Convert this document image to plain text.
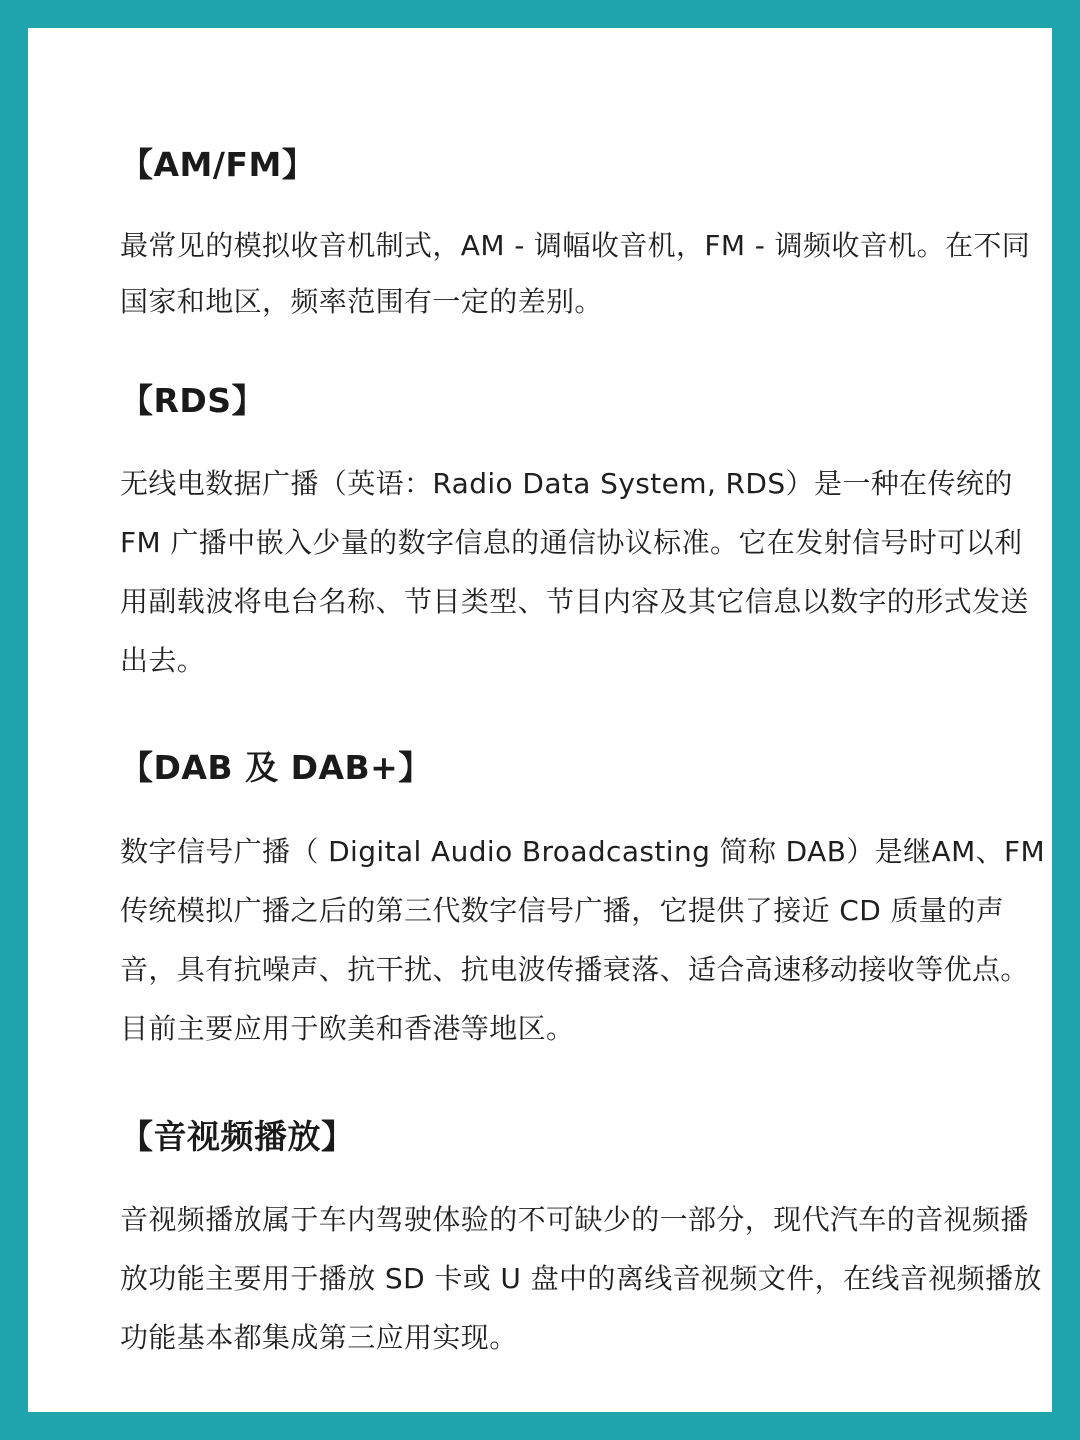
【AM/FM】

最常见的模拟收音机制式，AM - 调幅收音机，FM - 调频收音机。在不同国家和地区，频率范围有一定的差别。

【RDS】

无线电数据广播（英语：Radio Data System, RDS）是一种在传统的 FM 广播中嵌入少量的数字信息的通信协议标准。它在发射信号时可以利用副载波将电台名称、节目类型、节目内容及其它信息以数字的形式发送出去。

【DAB 及 DAB+】

数字信号广播（ Digital Audio Broadcasting 简称 DAB）是继AM、FM 传统模拟广播之后的第三代数字信号广播，它提供了接近 CD 质量的声音，具有抗噪声、抗干扰、抗电波传播衰落、适合高速移动接收等优点。目前主要应用于欧美和香港等地区。

【音视频播放】

音视频播放属于车内驾驶体验的不可缺少的一部分，现代汽车的音视频播放功能主要用于播放 SD 卡或 U 盘中的离线音视频文件，在线音视频播放功能基本都集成第三应用实现。
